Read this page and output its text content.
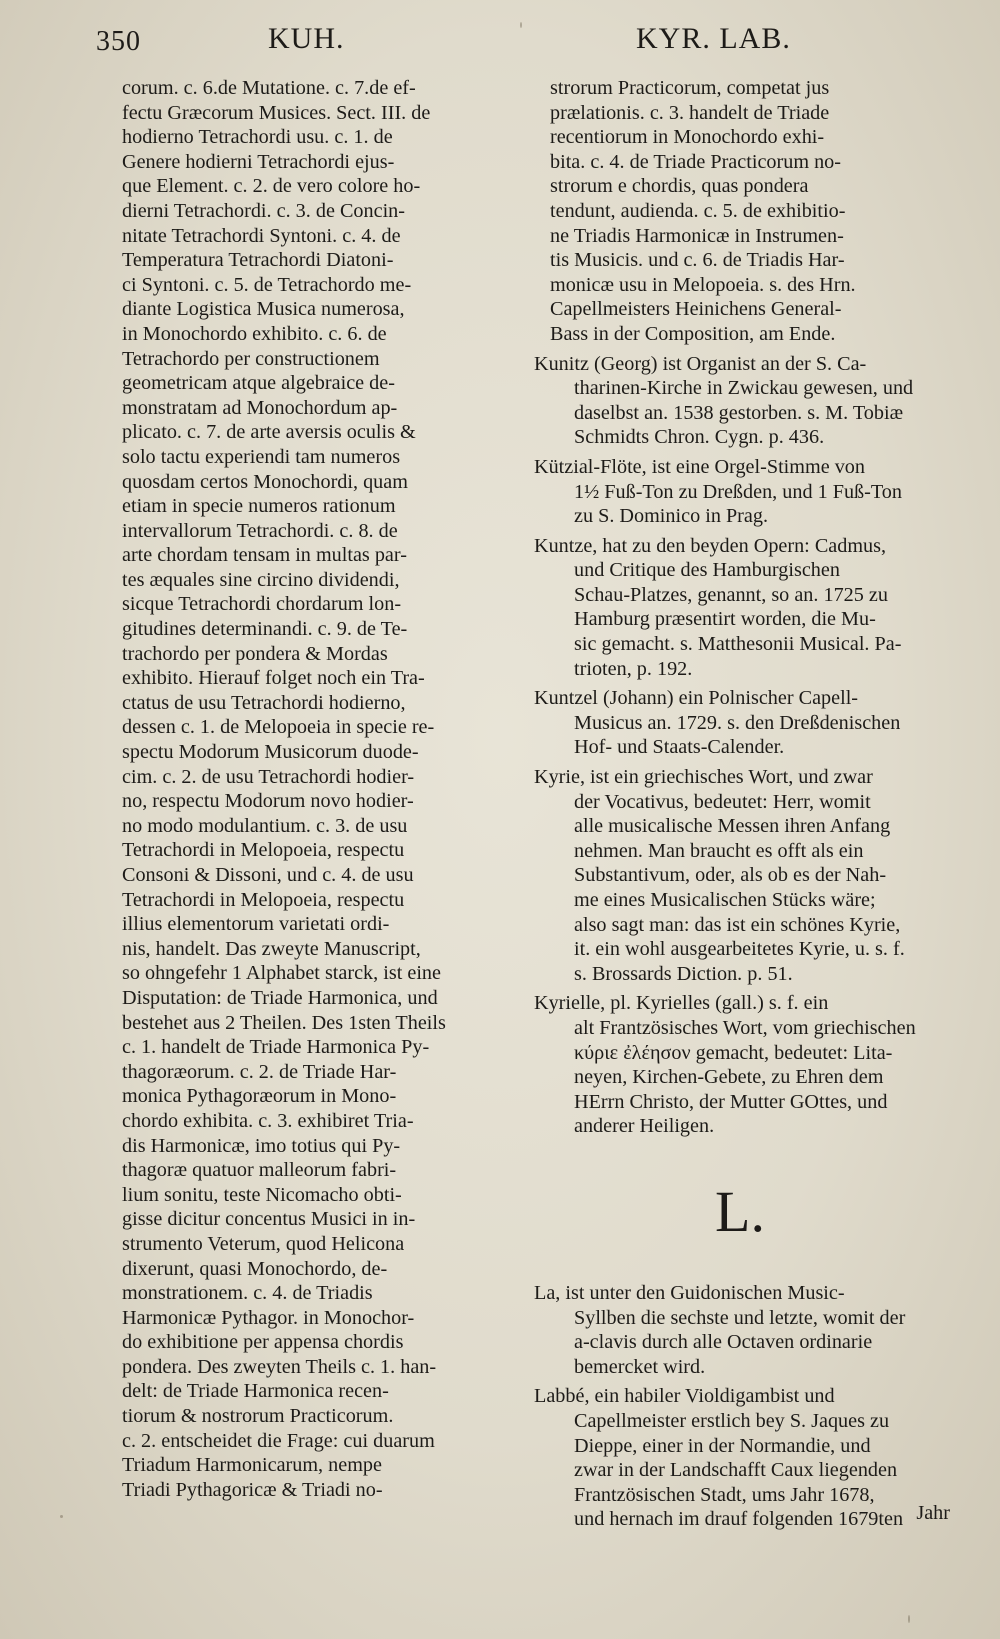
350	KUH.	KYR. LAB.
corum. c. 6.de Mutatione. c. 7.de ef-
fectu Græcorum Musices. Sect. III. de
hodierno Tetrachordi usu. c. 1. de
Genere hodierni Tetrachordi ejus-
que Element. c. 2. de vero colore ho-
dierni Tetrachordi. c. 3. de Concin-
nitate Tetrachordi Syntoni. c. 4. de
Temperatura Tetrachordi Diatoni-
ci Syntoni. c. 5. de Tetrachordo me-
diante Logistica Musica numerosa,
in Monochordo exhibito. c. 6. de
Tetrachordo per constructionem
geometricam atque algebraice de-
monstratam ad Monochordum ap-
plicato. c. 7. de arte aversis oculis &
solo tactu experiendi tam numeros
quosdam certos Monochordi, quam
etiam in specie numeros rationum
intervallorum Tetrachordi. c. 8. de
arte chordam tensam in multas par-
tes æquales sine circino dividendi,
sicque Tetrachordi chordarum lon-
gitudines determinandi. c. 9. de Te-
trachordo per pondera & Mordas
exhibito. Hierauf folget noch ein Tra-
ctatus de usu Tetrachordi hodierno,
dessen c. 1. de Melopoeia in specie re-
spectu Modorum Musicorum duode-
cim. c. 2. de usu Tetrachordi hodier-
no, respectu Modorum novo hodier-
no modo modulantium. c. 3. de usu
Tetrachordi in Melopoeia, respectu
Consoni & Dissoni, und c. 4. de usu
Tetrachordi in Melopoeia, respectu
illius elementorum varietati ordi-
nis, handelt. Das zweyte Manuscript,
so ohngefehr 1 Alphabet starck, ist eine
Disputation: de Triade Harmonica, und
bestehet aus 2 Theilen. Des 1sten Theils
c. 1. handelt de Triade Harmonica Py-
thagoræorum. c. 2. de Triade Har-
monica Pythagoræorum in Mono-
chordo exhibita. c. 3. exhibiret Tria-
dis Harmonicæ, imo totius qui Py-
thagoræ quatuor malleorum fabri-
lium sonitu, teste Nicomacho obti-
gisse dicitur concentus Musici in in-
strumento Veterum, quod Helicona
dixerunt, quasi Monochordo, de-
monstrationem. c. 4. de Triadis
Harmonicæ Pythagor. in Monochor-
do exhibitione per appensa chordis
pondera. Des zweyten Theils c. 1. han-
delt: de Triade Harmonica recen-
tiorum & nostrorum Practicorum.
c. 2. entscheidet die Frage: cui duarum
Triadum Harmonicarum, nempe
Triadi Pythagoricæ & Triadi no-
strorum Practicorum, competat jus
prælationis. c. 3. handelt de Triade
recentiorum in Monochordo exhi-
bita. c. 4. de Triade Practicorum no-
strorum e chordis, quas pondera
tendunt, audienda. c. 5. de exhibitio-
ne Triadis Harmonicæ in Instrumen-
tis Musicis. und c. 6. de Triadis Har-
monicæ usu in Melopoeia. s. des Hrn.
Capellmeisters Heinichens General-
Bass in der Composition, am Ende.
Kunitz (Georg) ist Organist an der S. Ca-
tharinen-Kirche in Zwickau gewesen, und
daselbst an. 1538 gestorben. s. M. Tobiæ
Schmidts Chron. Cygn. p. 436.
Kützial-Flöte, ist eine Orgel-Stimme von
1½ Fuß-Ton zu Dreßden, und 1 Fuß-Ton
zu S. Dominico in Prag.
Kuntze, hat zu den beyden Opern: Cadmus,
und Critique des Hamburgischen
Schau-Platzes, genannt, so an. 1725 zu
Hamburg præsentirt worden, die Mu-
sic gemacht. s. Matthesonii Musical. Pa-
trioten, p. 192.
Kuntzel (Johann) ein Polnischer Capell-
Musicus an. 1729. s. den Dreßdenischen
Hof- und Staats-Calender.
Kyrie, ist ein griechisches Wort, und zwar
der Vocativus, bedeutet: Herr, womit
alle musicalische Messen ihren Anfang
nehmen. Man braucht es offt als ein
Substantivum, oder, als ob es der Nah-
me eines Musicalischen Stücks wäre;
also sagt man: das ist ein schönes Kyrie,
it. ein wohl ausgearbeitetes Kyrie, u. s. f.
s. Brossards Diction. p. 51.
Kyrielle, pl. Kyrielles (gall.) s. f. ein
alt Frantzösisches Wort, vom griechischen
κύριε ἐλέησον gemacht, bedeutet: Lita-
neyen, Kirchen-Gebete, zu Ehren dem
HErrn Christo, der Mutter GOttes, und
anderer Heiligen.
L.
La, ist unter den Guidonischen Music-
Syllben die sechste und letzte, womit der
a-clavis durch alle Octaven ordinarie
bemercket wird.
Labbé, ein habiler Violdigambist und
Capellmeister erstlich bey S. Jaques zu
Dieppe, einer in der Normandie, und
zwar in der Landschafft Caux liegenden
Frantzösischen Stadt, ums Jahr 1678,
und hernach im drauf folgenden 1679ten Jahr
